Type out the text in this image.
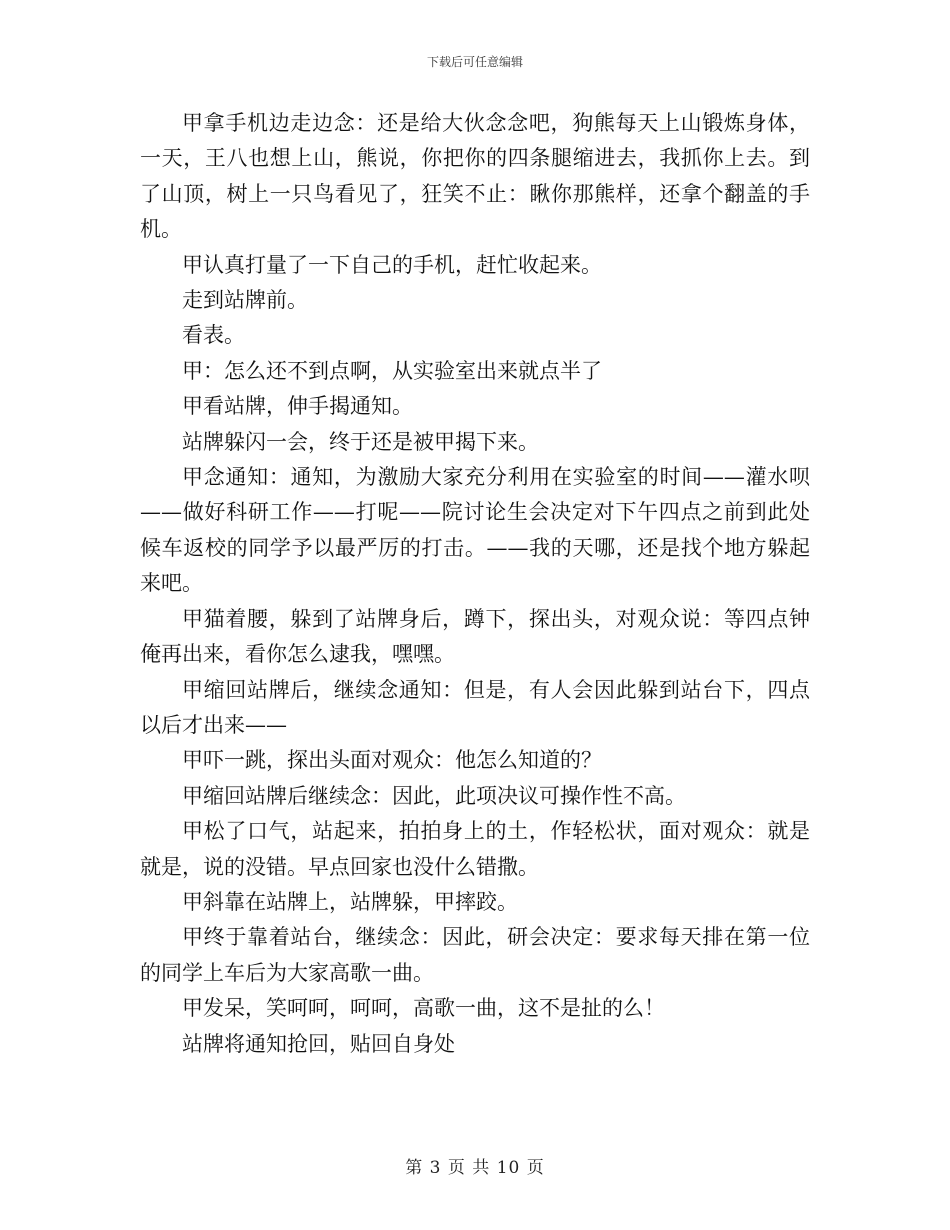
下载后可任意编辑

甲拿手机边走边念：还是给大伙念念吧，狗熊每天上山锻炼身体，一天，王八也想上山，熊说，你把你的四条腿缩进去，我抓你上去。到了山顶，树上一只鸟看见了，狂笑不止：瞅你那熊样，还拿个翻盖的手机。

甲认真打量了一下自己的手机，赶忙收起来。

走到站牌前。

看表。

甲：怎么还不到点啊，从实验室出来就点半了

甲看站牌，伸手揭通知。

站牌躲闪一会，终于还是被甲揭下来。

甲念通知：通知，为激励大家充分利用在实验室的时间——灌水呗——做好科研工作——打呢——院讨论生会决定对下午四点之前到此处候车返校的同学予以最严厉的打击。——我的天哪，还是找个地方躲起来吧。

甲猫着腰，躲到了站牌身后，蹲下，探出头，对观众说：等四点钟俺再出来，看你怎么逮我，嘿嘿。

甲缩回站牌后，继续念通知：但是，有人会因此躲到站台下，四点以后才出来——

甲吓一跳，探出头面对观众：他怎么知道的？

甲缩回站牌后继续念：因此，此项决议可操作性不高。

甲松了口气，站起来，拍拍身上的土，作轻松状，面对观众：就是就是，说的没错。早点回家也没什么错撒。

甲斜靠在站牌上，站牌躲，甲摔跤。

甲终于靠着站台，继续念：因此，研会决定：要求每天排在第一位的同学上车后为大家高歌一曲。

甲发呆，笑呵呵，呵呵，高歌一曲，这不是扯的么！

站牌将通知抢回，贴回自身处

第 3 页 共 10 页
